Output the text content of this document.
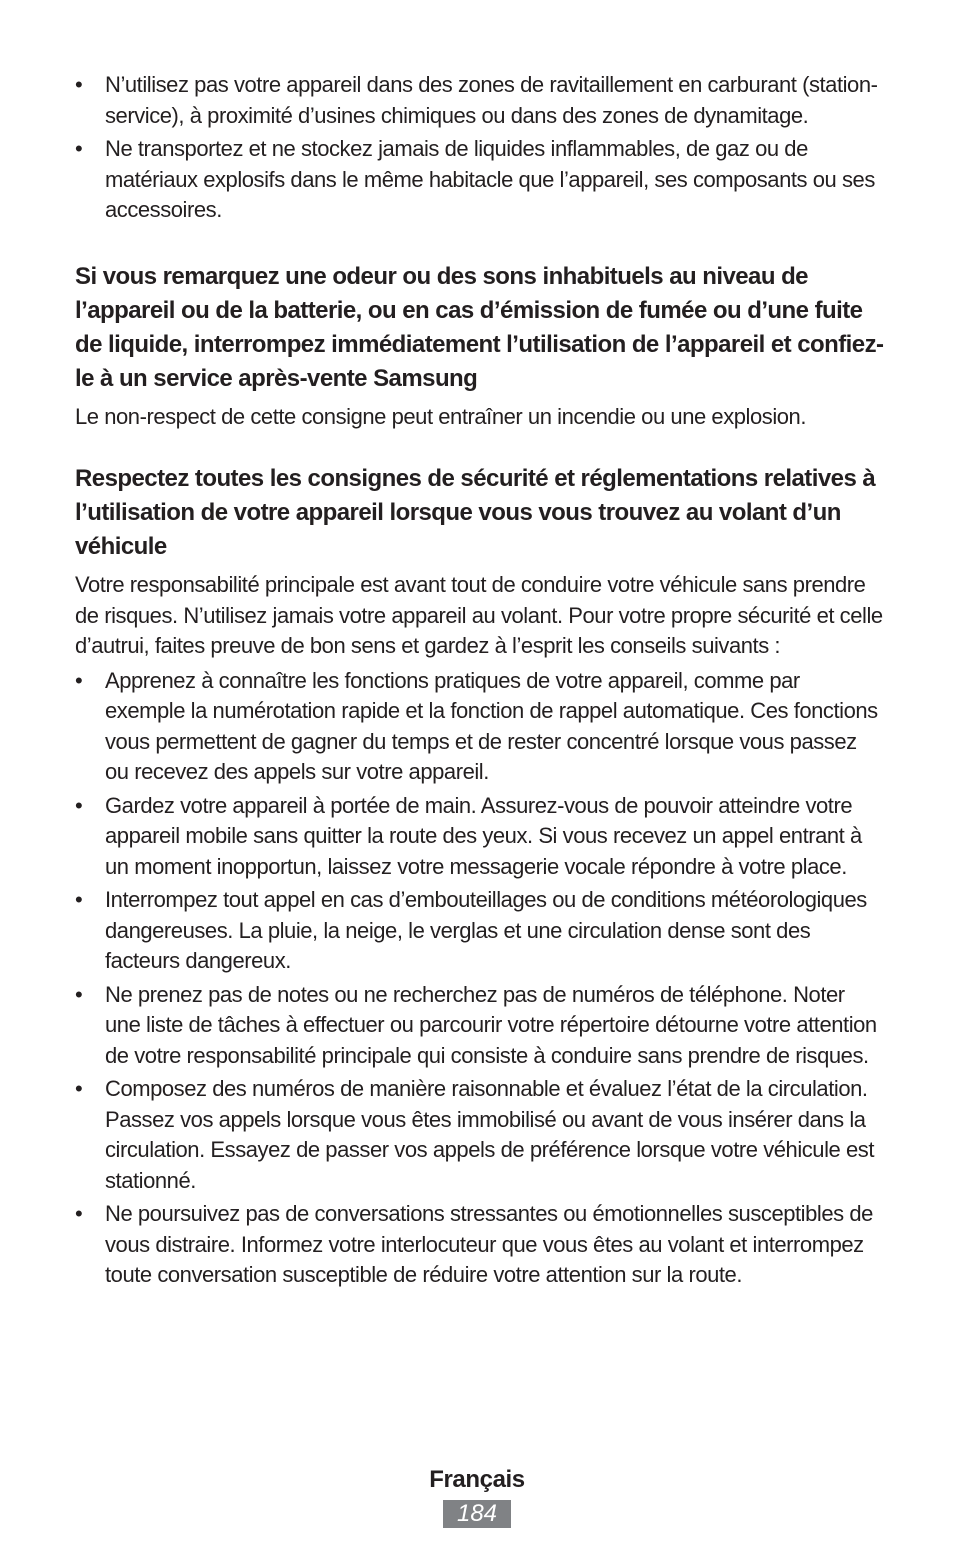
•	N’utilisez pas votre appareil dans des zones de ravitaillement en carburant (station-service), à proximité d’usines chimiques ou dans des zones de dynamitage.
•	Ne transportez et ne stockez jamais de liquides inflammables, de gaz ou de matériaux explosifs dans le même habitacle que l’appareil, ses composants ou ses accessoires.
Si vous remarquez une odeur ou des sons inhabituels au niveau de l’appareil ou de la batterie, ou en cas d’émission de fumée ou d’une fuite de liquide, interrompez immédiatement l’utilisation de l’appareil et confiez-le à un service après-vente Samsung

Le non-respect de cette consigne peut entraîner un incendie ou une explosion.

Respectez toutes les consignes de sécurité et réglementations relatives à l’utilisation de votre appareil lorsque vous vous trouvez au volant d’un véhicule

Votre responsabilité principale est avant tout de conduire votre véhicule sans prendre de risques. N’utilisez jamais votre appareil au volant. Pour votre propre sécurité et celle d’autrui, faites preuve de bon sens et gardez à l’esprit les conseils suivants :

•	Apprenez à connaître les fonctions pratiques de votre appareil, comme par exemple la numérotation rapide et la fonction de rappel automatique. Ces fonctions vous permettent de gagner du temps et de rester concentré lorsque vous passez ou recevez des appels sur votre appareil.
•	Gardez votre appareil à portée de main. Assurez-vous de pouvoir atteindre votre appareil mobile sans quitter la route des yeux. Si vous recevez un appel entrant à un moment inopportun, laissez votre messagerie vocale répondre à votre place.
•	Interrompez tout appel en cas d’embouteillages ou de conditions météorologiques dangereuses. La pluie, la neige, le verglas et une circulation dense sont des facteurs dangereux.
•	Ne prenez pas de notes ou ne recherchez pas de numéros de téléphone. Noter une liste de tâches à effectuer ou parcourir votre répertoire détourne votre attention de votre responsabilité principale qui consiste à conduire sans prendre de risques.
•	Composez des numéros de manière raisonnable et évaluez l’état de la circulation. Passez vos appels lorsque vous êtes immobilisé ou avant de vous insérer dans la circulation. Essayez de passer vos appels de préférence lorsque votre véhicule est stationné.
•	Ne poursuivez pas de conversations stressantes ou émotionnelles susceptibles de vous distraire. Informez votre interlocuteur que vous êtes au volant et interrompez toute conversation susceptible de réduire votre attention sur la route.
Français
184
